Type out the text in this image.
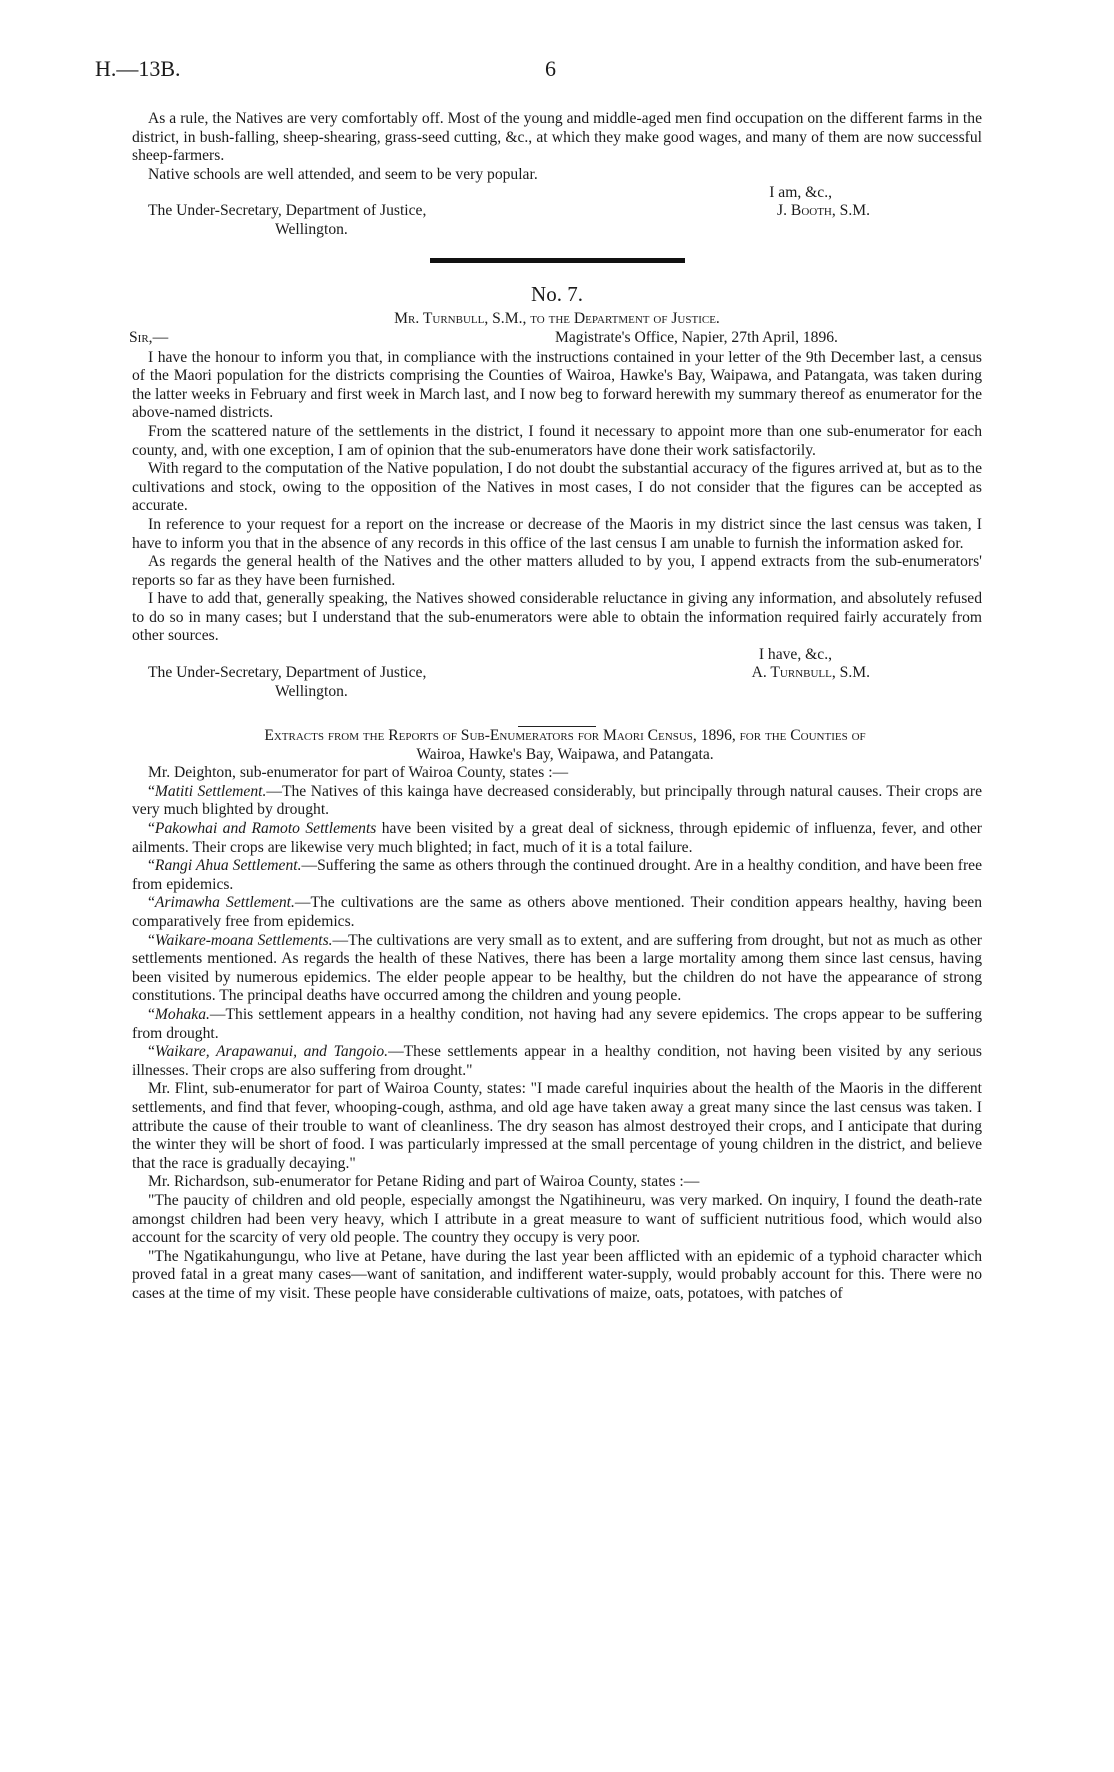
H.—13B.	6

As a rule, the Natives are very comfortably off. Most of the young and middle-aged men find occupation on the different farms in the district, in bush-falling, sheep-shearing, grass-seed cutting, &c., at which they make good wages, and many of them are now successful sheep-farmers.

Native schools are well attended, and seem to be very popular.

I am, &c.,
The Under-Secretary, Department of Justice,
Wellington.
J. Booth, S.M.
No. 7.
Mr. Turnbull, S.M., to the Department of Justice.
Sir,—	Magistrate's Office, Napier, 27th April, 1896.

I have the honour to inform you that, in compliance with the instructions contained in your letter of the 9th December last, a census of the Maori population for the districts comprising the Counties of Wairoa, Hawke's Bay, Waipawa, and Patangata, was taken during the latter weeks in February and first week in March last, and I now beg to forward herewith my summary thereof as enumerator for the above-named districts.

From the scattered nature of the settlements in the district, I found it necessary to appoint more than one sub-enumerator for each county, and, with one exception, I am of opinion that the sub-enumerators have done their work satisfactorily.

With regard to the computation of the Native population, I do not doubt the substantial accuracy of the figures arrived at, but as to the cultivations and stock, owing to the opposition of the Natives in most cases, I do not consider that the figures can be accepted as accurate.

In reference to your request for a report on the increase or decrease of the Maoris in my district since the last census was taken, I have to inform you that in the absence of any records in this office of the last census I am unable to furnish the information asked for.

As regards the general health of the Natives and the other matters alluded to by you, I append extracts from the sub-enumerators' reports so far as they have been furnished.

I have to add that, generally speaking, the Natives showed considerable reluctance in giving any information, and absolutely refused to do so in many cases; but I understand that the sub-enumerators were able to obtain the information required fairly accurately from other sources.

I have, &c.,
The Under-Secretary, Department of Justice,
Wellington.
A. Turnbull, S.M.

Extracts from the Reports of Sub-Enumerators for Maori Census, 1896, for the Counties of
Wairoa, Hawke's Bay, Waipawa, and Patangata.

Mr. Deighton, sub-enumerator for part of Wairoa County, states :—

“Matiti Settlement.—The Natives of this kainga have decreased considerably, but principally through natural causes. Their crops are very much blighted by drought.

“Pakowhai and Ramoto Settlements have been visited by a great deal of sickness, through epidemic of influenza, fever, and other ailments. Their crops are likewise very much blighted; in fact, much of it is a total failure.

“Rangi Ahua Settlement.—Suffering the same as others through the continued drought. Are in a healthy condition, and have been free from epidemics.

“Arimawha Settlement.—The cultivations are the same as others above mentioned. Their condition appears healthy, having been comparatively free from epidemics.

“Waikare-moana Settlements.—The cultivations are very small as to extent, and are suffering from drought, but not as much as other settlements mentioned. As regards the health of these Natives, there has been a large mortality among them since last census, having been visited by numerous epidemics. The elder people appear to be healthy, but the children do not have the appearance of strong constitutions. The principal deaths have occurred among the children and young people.

“Mohaka.—This settlement appears in a healthy condition, not having had any severe epidemics. The crops appear to be suffering from drought.

“Waikare, Arapawanui, and Tangoio.—These settlements appear in a healthy condition, not having been visited by any serious illnesses. Their crops are also suffering from drought."

Mr. Flint, sub-enumerator for part of Wairoa County, states: "I made careful inquiries about the health of the Maoris in the different settlements, and find that fever, whooping-cough, asthma, and old age have taken away a great many since the last census was taken. I attribute the cause of their trouble to want of cleanliness. The dry season has almost destroyed their crops, and I anticipate that during the winter they will be short of food. I was particularly impressed at the small percentage of young children in the district, and believe that the race is gradually decaying."

Mr. Richardson, sub-enumerator for Petane Riding and part of Wairoa County, states :—

"The paucity of children and old people, especially amongst the Ngatihineuru, was very marked. On inquiry, I found the death-rate amongst children had been very heavy, which I attribute in a great measure to want of sufficient nutritious food, which would also account for the scarcity of very old people. The country they occupy is very poor.

"The Ngatikahungungu, who live at Petane, have during the last year been afflicted with an epidemic of a typhoid character which proved fatal in a great many cases—want of sanitation, and indifferent water-supply, would probably account for this. There were no cases at the time of my visit. These people have considerable cultivations of maize, oats, potatoes, with patches of
